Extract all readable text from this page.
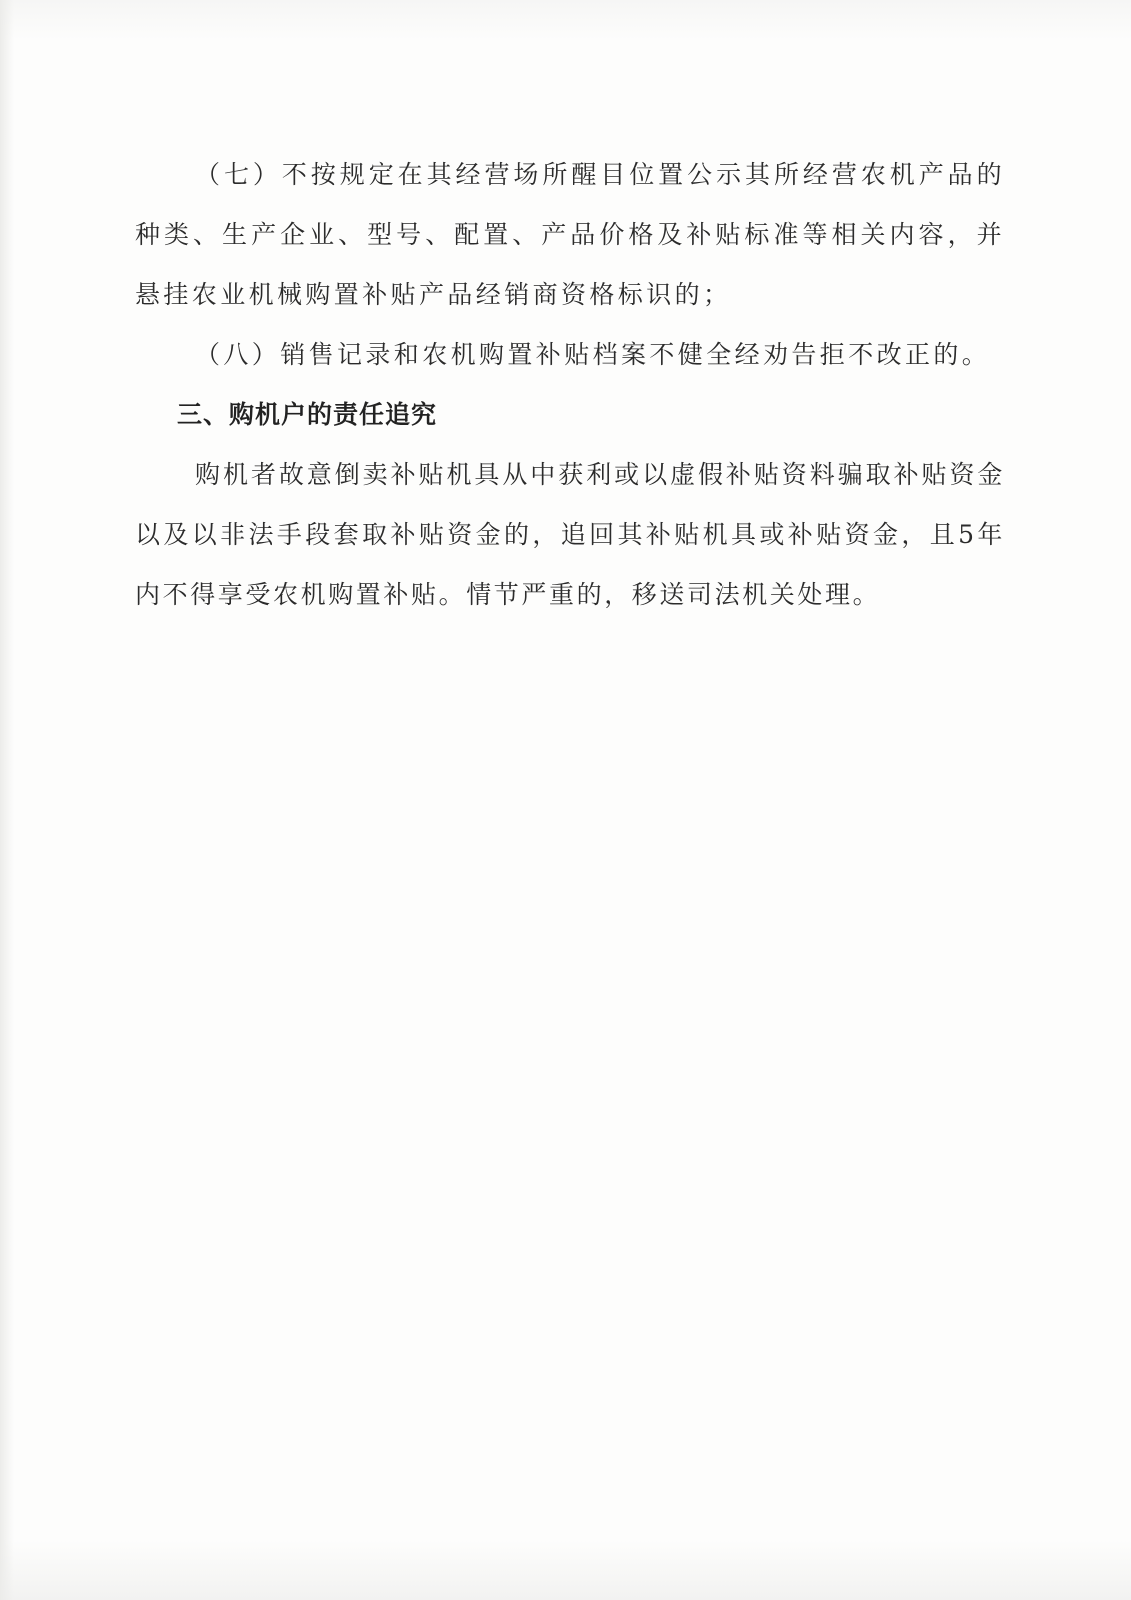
（七）不按规定在其经营场所醒目位置公示其所经营农机产品的种类、生产企业、型号、配置、产品价格及补贴标准等相关内容，并悬挂农业机械购置补贴产品经销商资格标识的；

（八）销售记录和农机购置补贴档案不健全经劝告拒不改正的。

三、购机户的责任追究

购机者故意倒卖补贴机具从中获利或以虚假补贴资料骗取补贴资金以及以非法手段套取补贴资金的，追回其补贴机具或补贴资金，且5年内不得享受农机购置补贴。情节严重的，移送司法机关处理。
